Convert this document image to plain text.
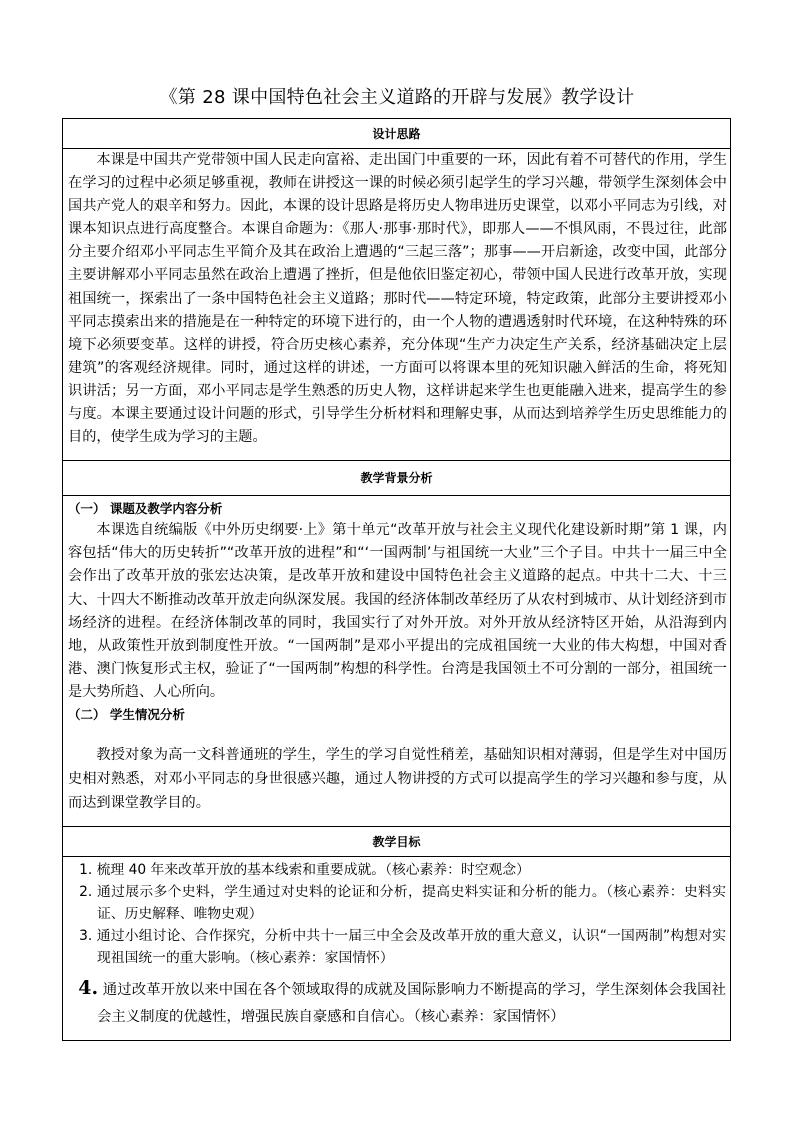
《第 28 课中国特色社会主义道路的开辟与发展》教学设计
设计思路

本课是中国共产党带领中国人民走向富裕、走出国门中重要的一环，因此有着不可替代的作用，学生在学习的过程中必须足够重视，教师在讲授这一课的时候必须引起学生的学习兴趣，带领学生深刻体会中国共产党人的艰辛和努力。因此，本课的设计思路是将历史人物串进历史课堂，以邓小平同志为引线，对课本知识点进行高度整合。本课自命题为：《那人·那事·那时代》，即那人——不惧风雨，不畏过往，此部分主要介绍邓小平同志生平简介及其在政治上遭遇的“三起三落”；那事——开启新途，改变中国，此部分主要讲解邓小平同志虽然在政治上遭遇了挫折，但是他依旧鉴定初心，带领中国人民进行改革开放，实现祖国统一，探索出了一条中国特色社会主义道路；那时代——特定环境，特定政策，此部分主要讲授邓小平同志摸索出来的措施是在一种特定的环境下进行的，由一个人物的遭遇透射时代环境，在这种特殊的环境下必须要变革。这样的讲授，符合历史核心素养，充分体现“生产力决定生产关系，经济基础决定上层建筑”的客观经济规律。同时，通过这样的讲述，一方面可以将课本里的死知识融入鲜活的生命，将死知识讲活；另一方面，邓小平同志是学生熟悉的历史人物，这样讲起来学生也更能融入进来，提高学生的参与度。本课主要通过设计问题的形式，引导学生分析材料和理解史事，从而达到培养学生历史思维能力的目的，使学生成为学习的主题。

教学背景分析

（一） 课题及教学内容分析

本课选自统编版《中外历史纲要·上》第十单元“改革开放与社会主义现代化建设新时期”第 1 课，内容包括“伟大的历史转折”“改革开放的进程”和“‘一国两制’与祖国统一大业”三个子目。中共十一届三中全会作出了改革开放的张宏达决策，是改革开放和建设中国特色社会主义道路的起点。中共十二大、十三大、十四大不断推动改革开放走向纵深发展。我国的经济体制改革经历了从农村到城市、从计划经济到市场经济的进程。在经济体制改革的同时，我国实行了对外开放。对外开放从经济特区开始，从沿海到内地，从政策性开放到制度性开放。“一国两制”是邓小平提出的完成祖国统一大业的伟大构想，中国对香港、澳门恢复形式主权，验证了“一国两制”构想的科学性。台湾是我国领土不可分割的一部分，祖国统一是大势所趋、人心所向。

（二） 学生情况分析

教授对象为高一文科普通班的学生，学生的学习自觉性稍差，基础知识相对薄弱，但是学生对中国历史相对熟悉，对邓小平同志的身世很感兴趣，通过人物讲授的方式可以提高学生的学习兴趣和参与度，从而达到课堂教学目的。

教学目标

1. 梳理 40 年来改革开放的基本线索和重要成就。（核心素养：时空观念）

2. 通过展示多个史料，学生通过对史料的论证和分析，提高史料实证和分析的能力。（核心素养：史料实证、历史解释、唯物史观）

3. 通过小组讨论、合作探究，分析中共十一届三中全会及改革开放的重大意义，认识“一国两制”构想对实现祖国统一的重大影响。（核心素养：家国情怀）

4. 通过改革开放以来中国在各个领域取得的成就及国际影响力不断提高的学习，学生深刻体会我国社会主义制度的优越性，增强民族自豪感和自信心。（核心素养：家国情怀）
